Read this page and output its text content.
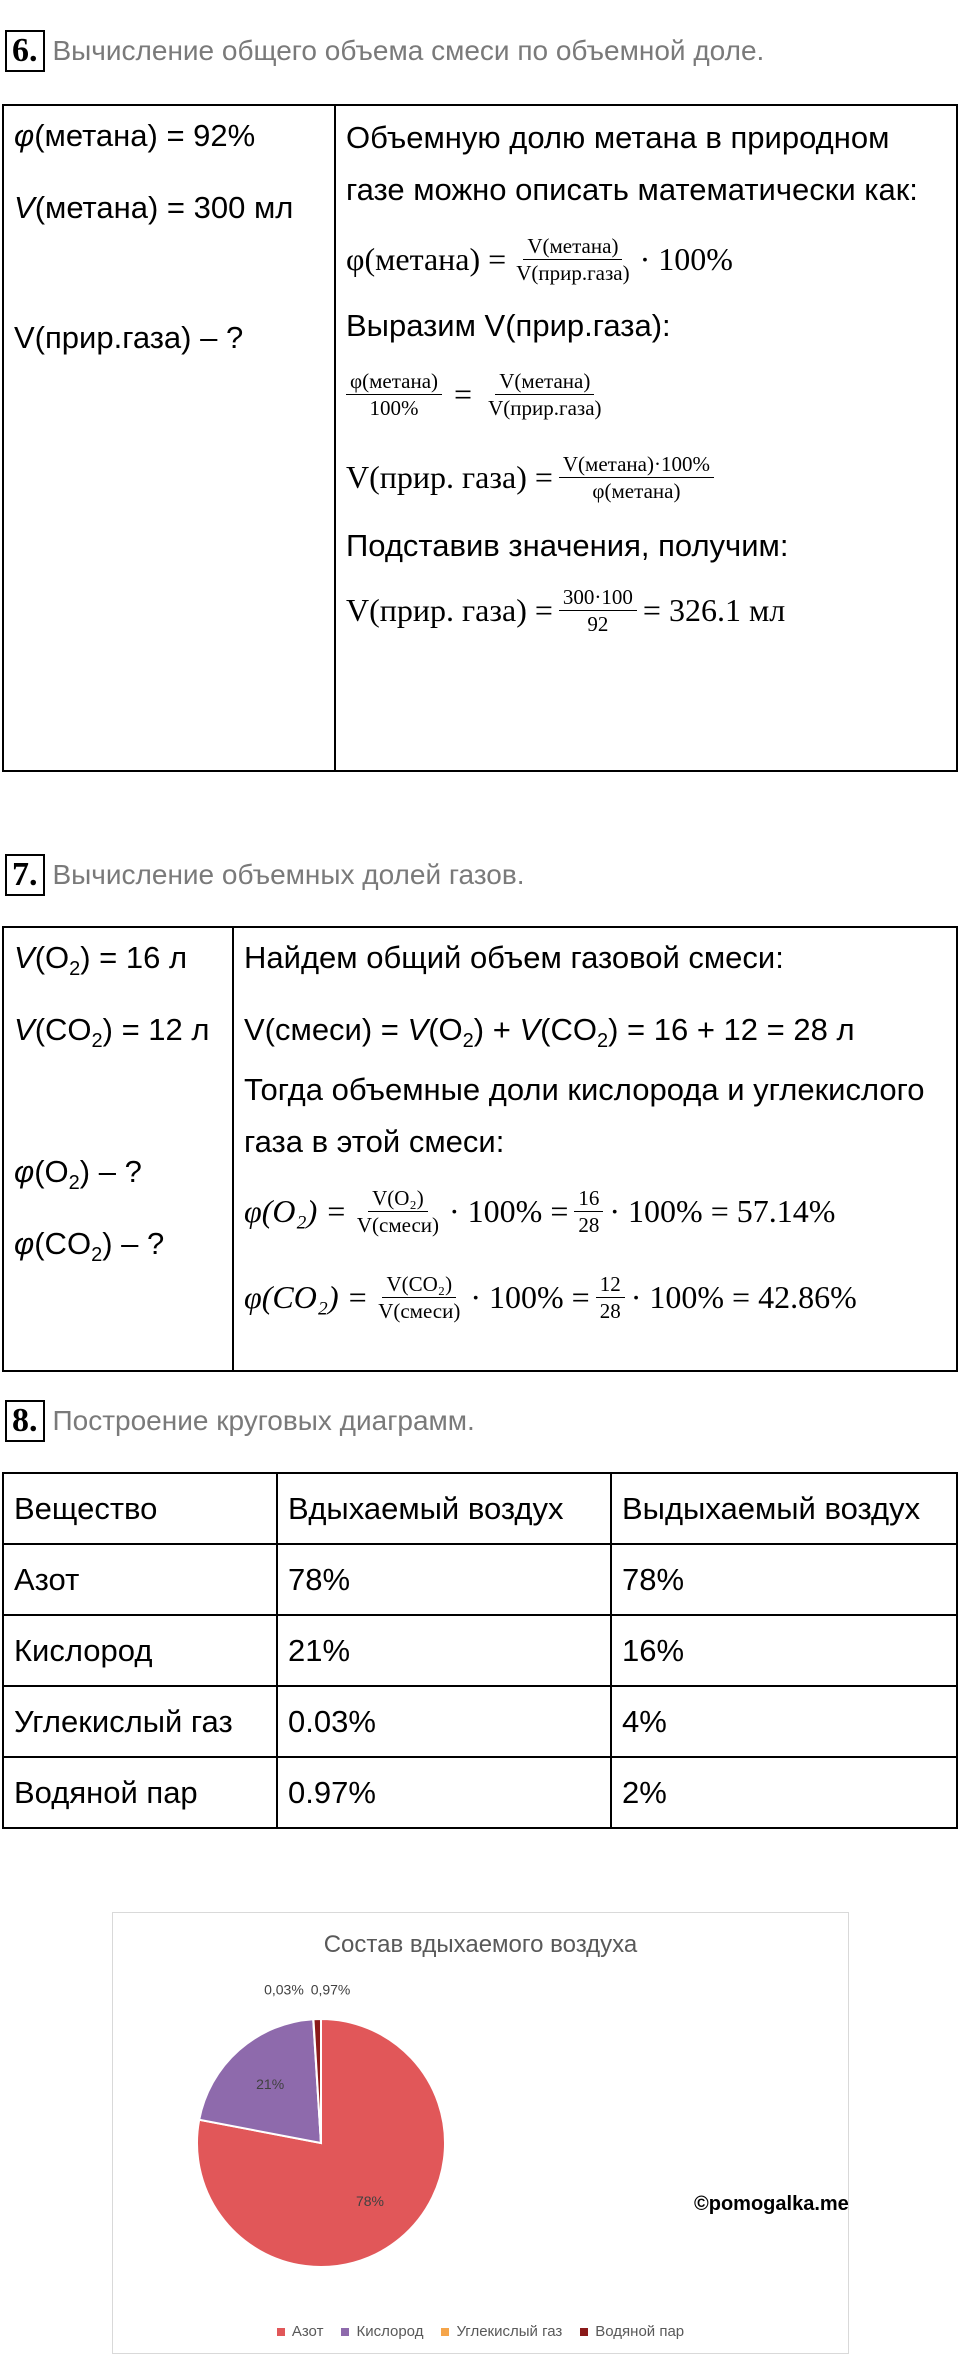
6. Вычисление общего объема смеси по объемной доле.
φ(метана) = 92%
V(метана) = 300 мл
V(прир.газа) – ?

Объемную долю метана в природном газе можно описать математически как:
φ(метана) = $\frac{\text{V(метана)}}{\text{V(прир.газа)}} \cdot 100\%$
Выразим V(прир.газа):
$\frac{\text{φ(метана)}}{100\%} = \frac{\text{V(метана)}}{\text{V(прир.газа)}}$
V(прир. газа) = $\frac{\text{V(метана)·100\%}}{\text{φ(метана)}}$
Подставив значения, получим:
V(прир. газа) = $\frac{300\cdot 100}{92} = 326.1$ мл
7. Вычисление объемных долей газов.
$V(O_2) = 16$ л
$V(CO_2) = 12$ л
$\varphi(O_2)$ – ?
$\varphi(CO_2)$ – ?

Найдем общий объем газовой смеси:
V(смеси) = $V(O_2) + V(CO_2) = 16 + 12 = 28$ л
Тогда объемные доли кислорода и углекислого газа в этой смеси:
$\varphi(O_2) = \frac{\text{V(O₂)}}{\text{V(смеси)}} \cdot 100\% = \frac{16}{28} \cdot 100\% = 57.14\%$
$\varphi(CO_2) = \frac{\text{V(CO₂)}}{\text{V(смеси)}} \cdot 100\% = \frac{12}{28} \cdot 100\% = 42.86\%$
8. Построение круговых диаграмм.
Вещество	Вдыхаемый воздух	Выдыхаемый воздух
Азот	78%	78%
Кислород	21%	16%
Углекислый газ	0.03%	4%
Водяной пар	0.97%	2%
Состав вдыхаемого воздуха
78%
21%
0,03% 0,97%
©pomogalka.me
Азот Кислород Углекислый газ Водяной пар
